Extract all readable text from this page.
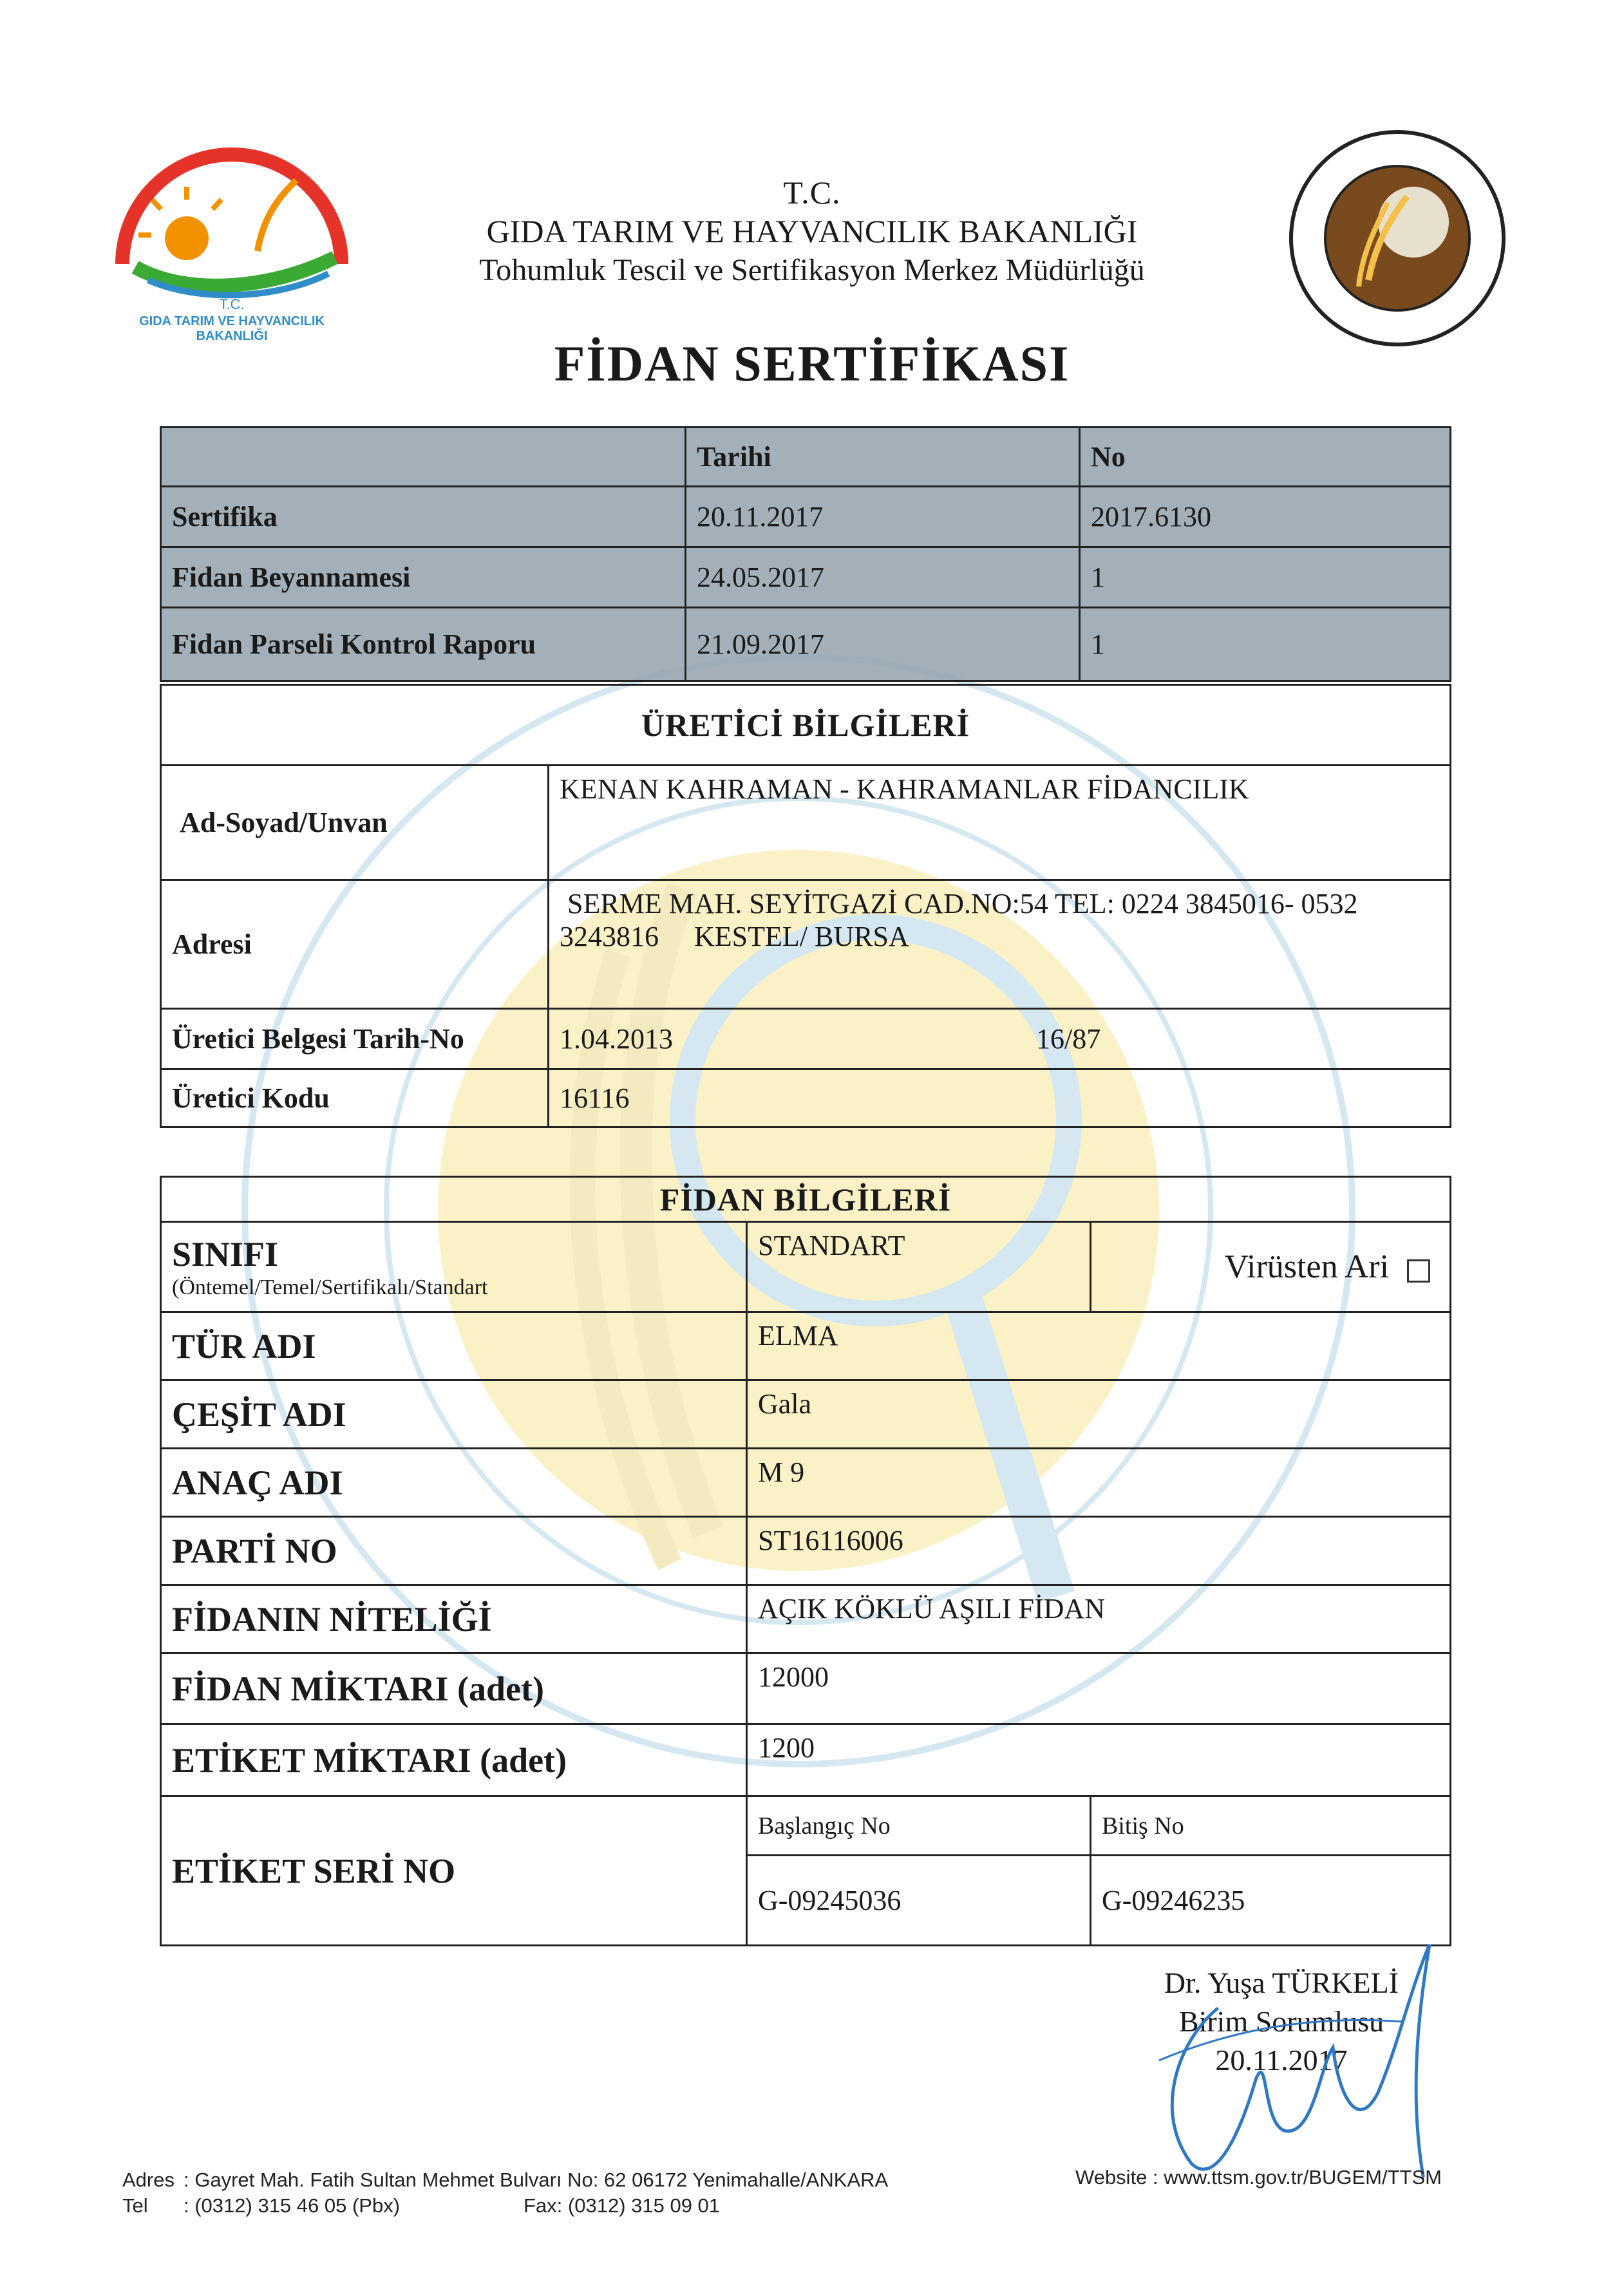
T.C.
GIDA TARIM VE HAYVANCILIK
BAKANLIĞI
T.C.
GIDA TARIM VE HAYVANCILIK BAKANLIĞI
Tohumluk Tescil ve Sertifikasyon Merkez Müdürlüğü
FİDAN SERTİFİKASI
	Tarihi	No
Sertifika	20.11.2017	2017.6130
Fidan Beyannamesi	24.05.2017	1
Fidan Parseli Kontrol Raporu	21.09.2017	1
ÜRETİCİ BİLGİLERİ	
Ad-Soyad/Unvan	KENAN KAHRAMAN - KAHRAMANLAR FİDANCILIK
Adresi	SERME MAH. SEYİTGAZİ CAD.NO:54 TEL: 0224 3845016- 0532
3243816     KESTEL/ BURSA

Üretici Belgesi Tarih-No	1.04.2013 16/87
Üretici Kodu	16116
FİDAN BİLGİLERİ		
SINIFI
(Öntemel/Temel/Sertifikalı/Standart	STANDART	Virüsten Ari
TÜR ADI	ELMA	
ÇEŞİT ADI	Gala	
ANAÇ ADI	M 9	
PARTİ NO	ST16116006	
FİDANIN NİTELİĞİ	AÇIK KÖKLÜ AŞILI FİDAN	
FİDAN MİKTARI (adet)	12000	
ETİKET MİKTARI (adet)	1200	
ETİKET SERİ NO	Başlangıç No	Bitiş No
	G-09245036	G-09246235
Dr. Yuşa TÜRKELİ
Birim Sorumlusu
20.11.2017
Adres : Gayret Mah. Fatih Sultan Mehmet Bulvarı No: 62 06172 Yenimahalle/ANKARA
Tel : (0312) 315 46 05 (Pbx)	Fax: (0312) 315 09 01
Website : www.ttsm.gov.tr/BUGEM/TTSM
